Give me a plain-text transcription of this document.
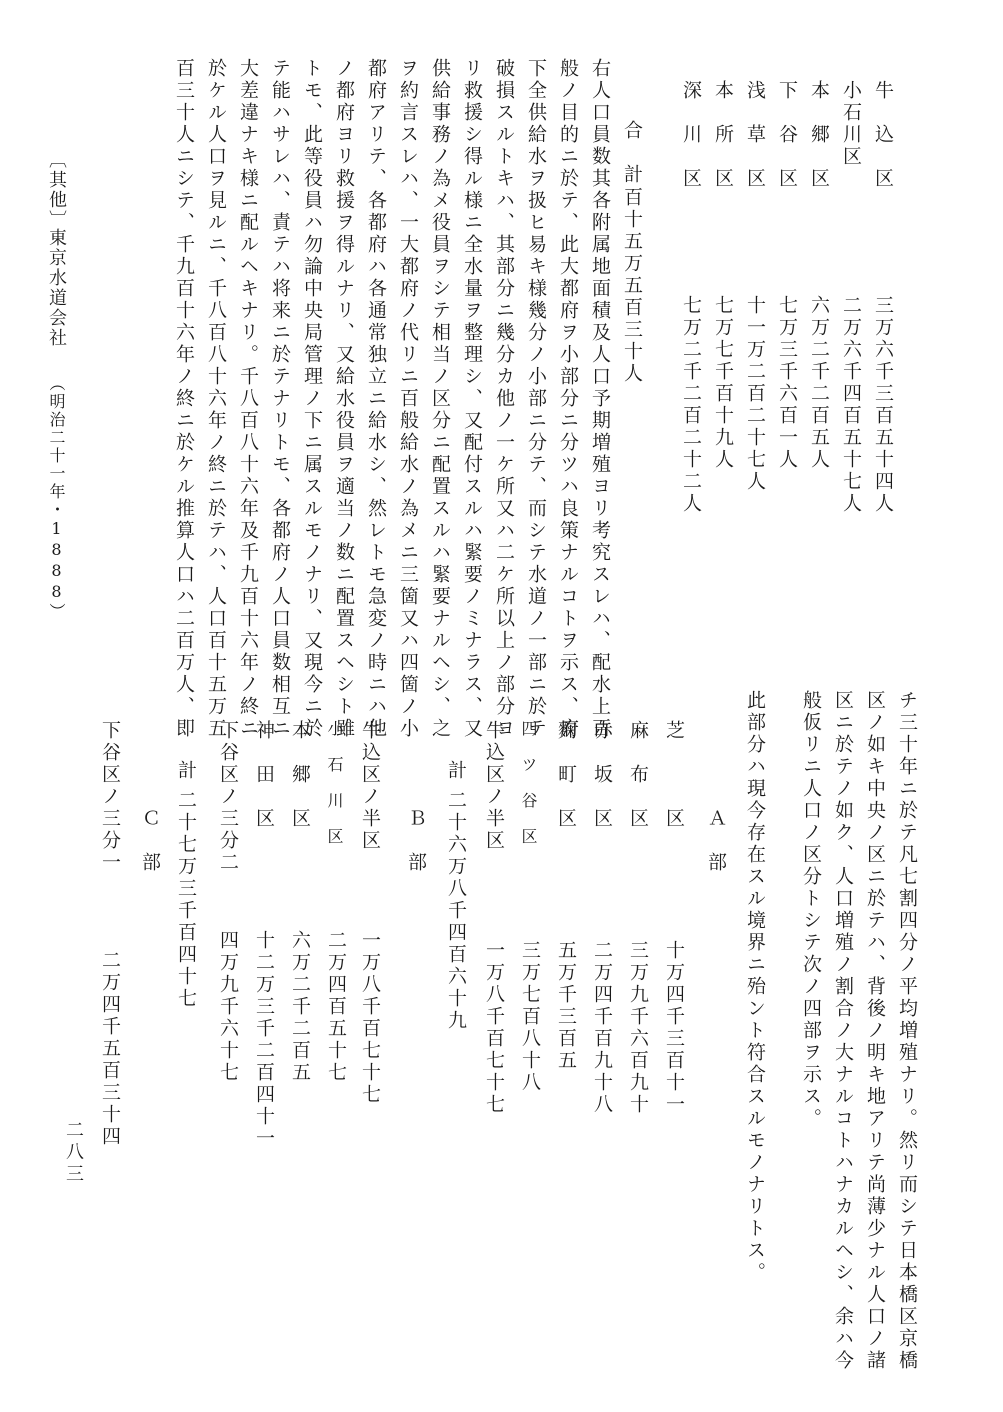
〔其他〕
東京水道会社
（明治二十一年・1888）
牛　込　区
小石川区
本　郷　区
下　谷　区
浅　草　区
本　所　区
深　川　区
三万六千三百五十四人
二万六千四百五十七人
六万二千二百五人
七万三千六百一人
十一万二百二十七人
七万七千百十九人
七万二千二百二十二人
合　計
百十五万五百三十人
右人口員数其各附属地面積及人口予期増殖ヨリ考究スレハ、配水上百
般ノ目的ニ於テ、此大都府ヲ小部分ニ分ツハ良策ナルコトヲ示ス、府
下全供給水ヲ扱ヒ易キ様幾分ノ小部ニ分テ、而シテ水道ノ一部ニ於テ
破損スルトキハ、其部分ニ幾分カ他ノ一ケ所又ハ二ケ所以上ノ部分ヨ
リ救援シ得ル様ニ全水量ヲ整理シ、又配付スルハ緊要ノミナラス、又
供給事務ノ為メ役員ヲシテ相当ノ区分ニ配置スルハ緊要ナルヘシ、之
ヲ約言スレハ、一大都府ノ代リニ百般給水ノ為メニ三箇又ハ四箇ノ小
都府アリテ、各都府ハ各通常独立ニ給水シ、然レトモ急変ノ時ニハ他
ノ都府ヨリ救援ヲ得ルナリ、又給水役員ヲ適当ノ数ニ配置スヘシト雖
トモ、此等役員ハ勿論中央局管理ノ下ニ属スルモノナリ、又現今ニ於
テ能ハサレハ、責テハ将来ニ於テナリトモ、各都府ノ人口員数相互ニ
大差違ナキ様ニ配ルヘキナリ。千八百八十六年及千九百十六年ノ終ニ
於ケル人口ヲ見ルニ、千八百八十六年ノ終ニ於テハ、人口百十五万五
百三十人ニシテ、千九百十六年ノ終ニ於ケル推算人口ハ二百万人、即
チ三十年ニ於テ凡七割四分ノ平均増殖ナリ。然リ而シテ日本橋区京橋
区ノ如キ中央ノ区ニ於テハ、背後ノ明キ地アリテ尚薄少ナル人口ノ諸
区ニ於テノ如ク、人口増殖ノ割合ノ大ナルコトハナカルヘシ、余ハ今
般仮リニ人口ノ区分トシテ次ノ四部ヲ示ス。
Ａ　部
芝　　　区
麻　布　区
赤　坂　区
麴　町　区
四　ツ　谷　区
牛込区ノ半区
十万四千三百十一
三万九千六百九十
二万四千百九十八
五万千三百五
三万七百八十八
一万八千百七十七
計
二十六万八千四百六十九
Ｂ　部
牛込区ノ半区
小　石　川　区
本　郷　区
神　田　区
下谷区ノ三分二
一万八千百七十七
二万四百五十七
六万二千二百五
十二万三千二百四十一
四万九千六十七
計
二十七万三千百四十七
Ｃ　部
下谷区ノ三分一
二万四千五百三十四	此部分ハ現今存在スル境界ニ殆ント符合スルモノナリトス。
二八三
